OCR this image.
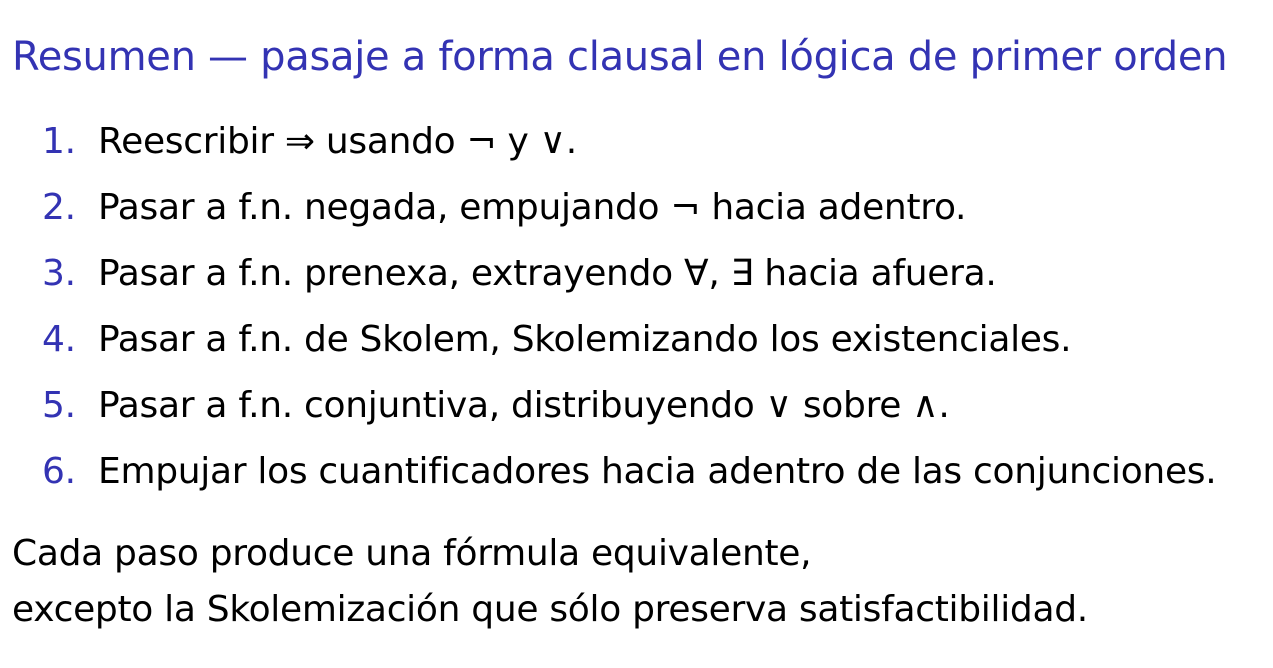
Resumen — pasaje a forma clausal en lógica de primer orden
1. Reescribir ⇒ usando ¬ y ∨.
2. Pasar a f.n. negada, empujando ¬ hacia adentro.
3. Pasar a f.n. prenexa, extrayendo ∀, ∃ hacia afuera.
4. Pasar a f.n. de Skolem, Skolemizando los existenciales.
5. Pasar a f.n. conjuntiva, distribuyendo ∨ sobre ∧.
6. Empujar los cuantificadores hacia adentro de las conjunciones.
Cada paso produce una fórmula equivalente,
excepto la Skolemización que sólo preserva satisfactibilidad.
